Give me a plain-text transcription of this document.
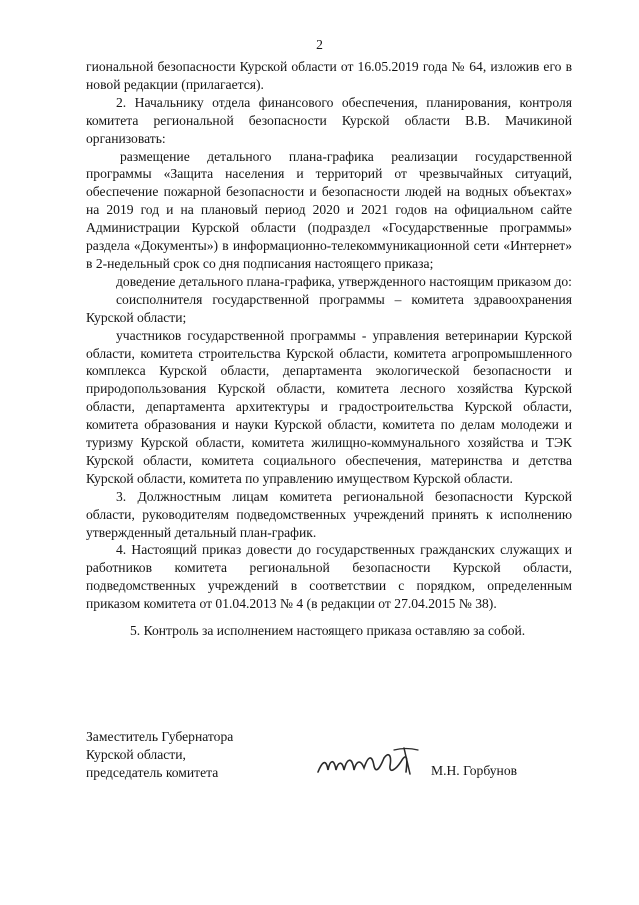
2

гиональной безопасности Курской области от 16.05.2019 года № 64, изложив его в новой редакции (прилагается).

2. Начальнику отдела финансового обеспечения, планирования, контроля комитета региональной безопасности Курской области В.В. Мачикиной организовать:

размещение детального плана-графика реализации государственной программы «Защита населения и территорий от чрезвычайных ситуаций, обеспечение пожарной безопасности и безопасности людей на водных объектах» на 2019 год и на плановый период 2020 и 2021 годов на официальном сайте Администрации Курской области (подраздел «Государственные программы» раздела «Документы») в информационно-телекоммуникационной сети «Интернет» в 2-недельный срок со дня подписания настоящего приказа;

доведение детального плана-графика, утвержденного настоящим приказом до:

соисполнителя государственной программы – комитета здравоохранения Курской области;

участников государственной программы - управления ветеринарии Курской области, комитета строительства Курской области, комитета агропромышленного комплекса Курской области, департамента экологической безопасности и природопользования Курской области, комитета лесного хозяйства Курской области, департамента архитектуры и градостроительства Курской области, комитета образования и науки Курской области, комитета по делам молодежи и туризму Курской области, комитета жилищно-коммунального хозяйства и ТЭК Курской области, комитета социального обеспечения, материнства и детства Курской области, комитета по управлению имуществом Курской области.

3. Должностным лицам комитета региональной безопасности Курской области, руководителям подведомственных учреждений принять к исполнению утвержденный детальный план-график.

4. Настоящий приказ довести до государственных гражданских служащих и работников комитета региональной безопасности Курской области, подведомственных учреждений в соответствии с порядком, определенным приказом комитета от 01.04.2013 № 4 (в редакции от 27.04.2015 № 38).

5. Контроль за исполнением настоящего приказа оставляю за собой.

Заместитель Губернатора
Курской области,
председатель комитета	М.Н. Горбунов
